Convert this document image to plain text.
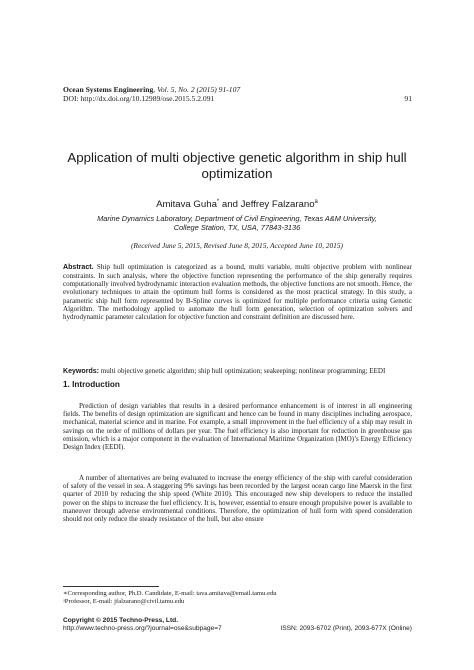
Ocean Systems Engineering, Vol. 5, No. 2 (2015) 91-107
DOI: http://dx.doi.org/10.12989/ose.2015.5.2.091	91
Application of multi objective genetic algorithm in ship hull optimization
Amitava Guha* and Jeffrey Falzarano$^a$
Marine Dynamics Laboratory, Department of Civil Engineering, Texas A&M University,
College Station, TX, USA, 77843-3136
(Received June 5, 2015, Revised June 8, 2015, Accepted June 10, 2015)
Abstract. Ship hull optimization is categorized as a bound, multi variable, multi objective problem with nonlinear constraints. In such analysis, where the objective function representing the performance of the ship generally requires computationally involved hydrodynamic interaction evaluation methods, the objective functions are not smooth. Hence, the evolutionary techniques to attain the optimum hull forms is considered as the most practical strategy. In this study, a parametric ship hull form represented by B-Spline curves is optimized for multiple performance criteria using Genetic Algorithm. The methodology applied to automate the hull form generation, selection of optimization solvers and hydrodynamic parameter calculation for objective function and constraint definition are discussed here.
Keywords: multi objective genetic algorithm; ship hull optimization; seakeeping; nonlinear programming; EEDI
1. Introduction
Prediction of design variables that results in a desired performance enhancement is of interest in all engineering fields. The benefits of design optimization are significant and hence can be found in many disciplines including aerospace, mechanical, material science and in marine. For example, a small improvement in the fuel efficiency of a ship may result in savings on the order of millions of dollars per year. The fuel efficiency is also important for reduction in greenhouse gas emission, which is a major component in the evaluation of International Maritime Organization (IMO)’s Energy Efficiency Design Index (EEDI).
A number of alternatives are being evaluated to increase the energy efficiency of the ship with careful consideration of safety of the vessel in sea. A staggering 9% savings has been recorded by the largest ocean cargo line Maersk in the first quarter of 2010 by reducing the ship speed (White 2010). This encouraged new ship developers to reduce the installed power on the ships to increase the fuel efficiency. It is, however, essential to ensure enough propulsive power is available to maneuver through adverse environmental conditions. Therefore, the optimization of hull form with speed consideration should not only reduce the steady resistance of the hull, but also ensure
∗Corresponding author, Ph.D. Candidate, E-mail: tava.amitava@email.tamu.edu
ᵃProfessor, E-mail: jfalzarano@civil.tamu.edu
Copyright © 2015 Techno-Press, Ltd.
http://www.techno-press.org/?journal=ose&subpage=7	ISSN: 2093-6702 (Print), 2093-677X (Online)
